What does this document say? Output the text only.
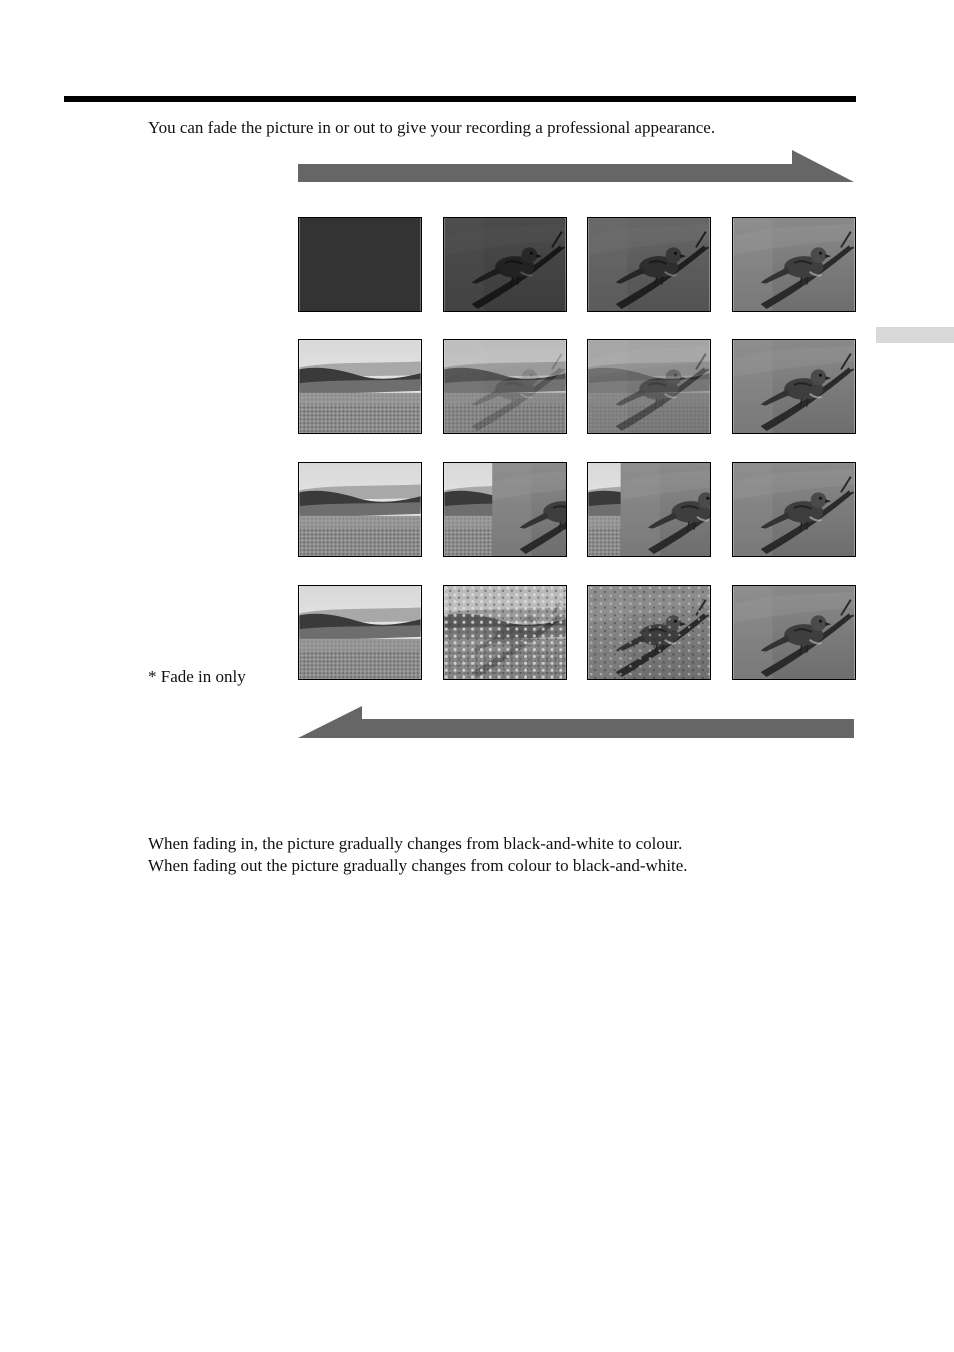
You can fade the picture in or out to give your recording a professional appearance.
* Fade in only
When fading in, the picture gradually changes from black-and-white to colour.
When fading out the picture gradually changes from colour to black-and-white.
